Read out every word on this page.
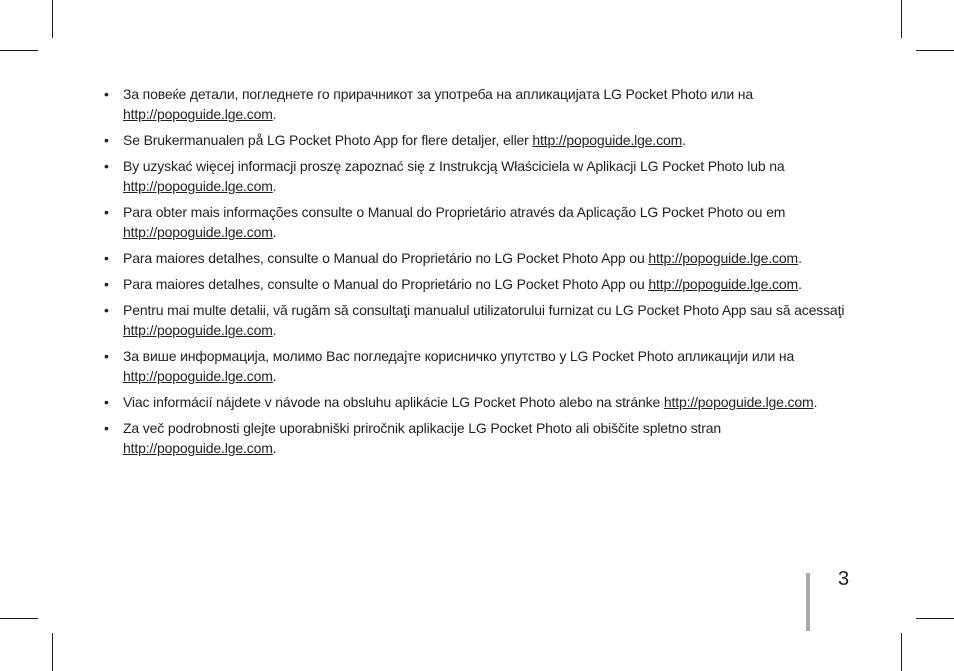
• За повеќе детали, погледнете го прирачникот за употреба на апликацијата LG Pocket Photo или на http://popoguide.lge.com.
• Se Brukermanualen på LG Pocket Photo App for flere detaljer, eller http://popoguide.lge.com.
• By uzyskać więcej informacji proszę zapoznać się z Instrukcją Właściciela w Aplikacji LG Pocket Photo lub na http://popoguide.lge.com.
• Para obter mais informações consulte o Manual do Proprietário através da Aplicação LG Pocket Photo ou em http://popoguide.lge.com.
• Para maiores detalhes, consulte o Manual do Proprietário no LG Pocket Photo App ou http://popoguide.lge.com.
• Para maiores detalhes, consulte o Manual do Proprietário no LG Pocket Photo App ou http://popoguide.lge.com.
• Pentru mai multe detalii, vă rugăm să consultaţi manualul utilizatorului furnizat cu LG Pocket Photo App sau să acessaţi http://popoguide.lge.com.
• За више информација, молимо Вас погледајте корисничко упутство у LG Pocket Photo апликацији или на http://popoguide.lge.com.
• Viac informácií nájdete v návode na obsluhu aplikácie LG Pocket Photo alebo na stránke http://popoguide.lge.com.
• Za več podrobnosti glejte uporabniški priročnik aplikacije LG Pocket Photo ali obiščite spletno stran http://popoguide.lge.com.
3
